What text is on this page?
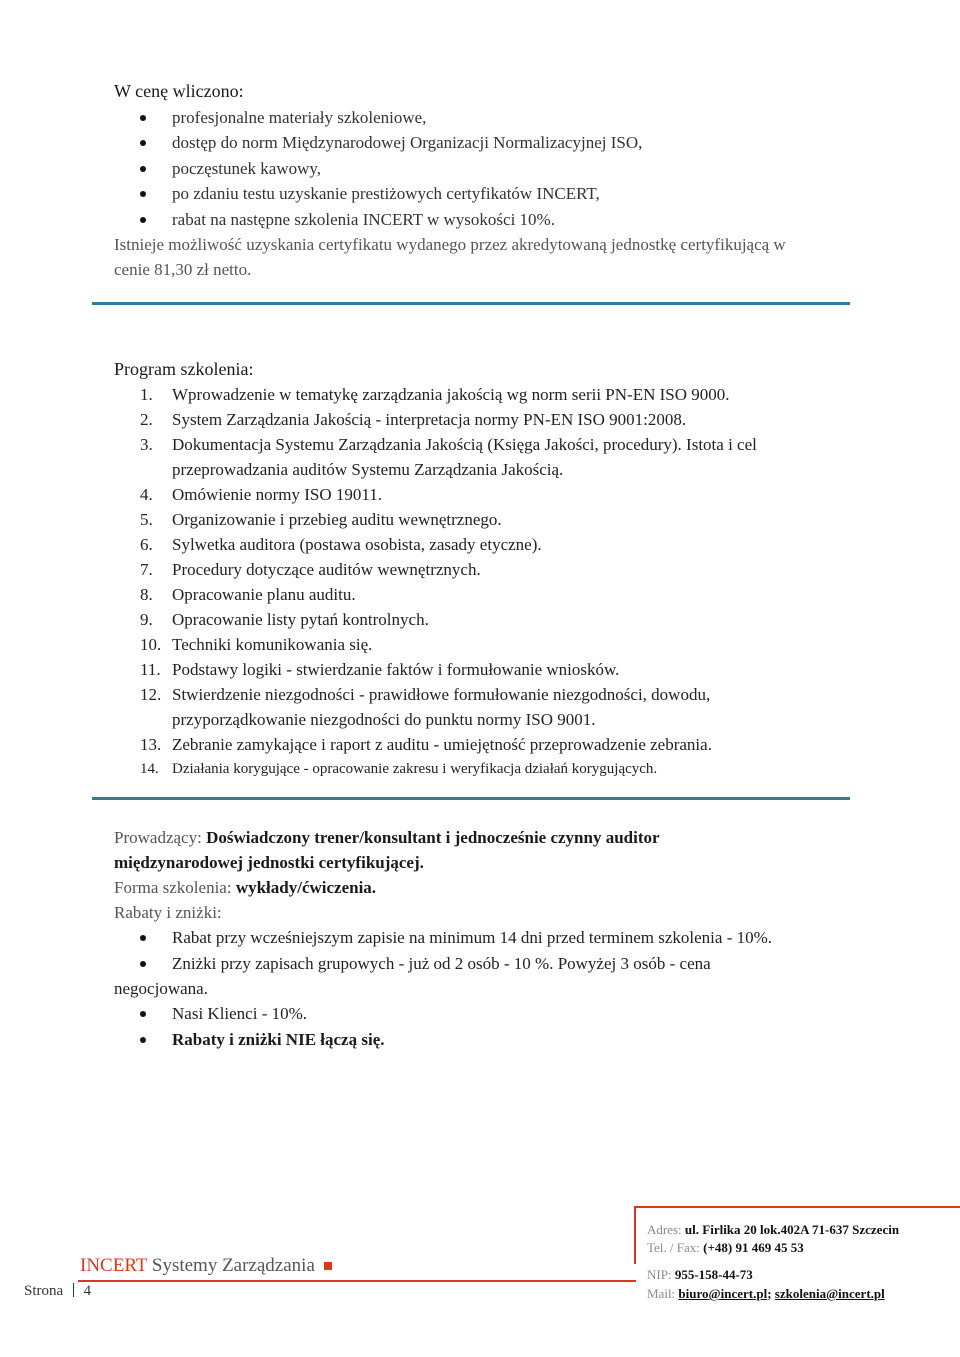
W cenę wliczono:
profesjonalne materiały szkoleniowe,
dostęp do norm Międzynarodowej Organizacji Normalizacyjnej ISO,
poczęstunek kawowy,
po zdaniu testu uzyskanie prestiżowych certyfikatów INCERT,
rabat na następne szkolenia INCERT w wysokości 10%.
Istnieje możliwość uzyskania certyfikatu wydanego przez akredytowaną jednostkę certyfikującą w
cenie 81,30 zł netto.
Program szkolenia:
1. Wprowadzenie w tematykę zarządzania jakością wg norm serii PN-EN ISO 9000.
2. System Zarządzania Jakością - interpretacja normy PN-EN ISO 9001:2008.
3. Dokumentacja Systemu Zarządzania Jakością (Księga Jakości, procedury). Istota i cel
przeprowadzania auditów Systemu Zarządzania Jakością.
4. Omówienie normy ISO 19011.
5. Organizowanie i przebieg auditu wewnętrznego.
6. Sylwetka auditora (postawa osobista, zasady etyczne).
7. Procedury dotyczące auditów wewnętrznych.
8. Opracowanie planu auditu.
9. Opracowanie listy pytań kontrolnych.
10. Techniki komunikowania się.
11. Podstawy logiki - stwierdzanie faktów i formułowanie wniosków.
12. Stwierdzenie niezgodności - prawidłowe formułowanie niezgodności, dowodu,
przyporządkowanie niezgodności do punktu normy ISO 9001.
13. Zebranie zamykające i raport z auditu - umiejętność przeprowadzenie zebrania.
14. Działania korygujące - opracowanie zakresu i weryfikacja działań korygujących.
Prowadzący: Doświadczony trener/konsultant i jednocześnie czynny auditor
międzynarodowej jednostki certyfikującej.
Forma szkolenia: wykłady/ćwiczenia.
Rabaty i zniżki:
Rabat przy wcześniejszym zapisie na minimum 14 dni przed terminem szkolenia - 10%.
Zniżki przy zapisach grupowych - już od 2 osób - 10 %. Powyżej 3 osób - cena
negocjowana.
Nasi Klienci - 10%.
Rabaty i zniżki NIE łączą się.
INCERT Systemy Zarządzania
Strona 4
Adres: ul. Firlika 20 lok.402A 71-637 Szczecin
Tel. / Fax: (+48) 91 469 45 53
NIP: 955-158-44-73
Mail: biuro@incert.pl; szkolenia@incert.pl
